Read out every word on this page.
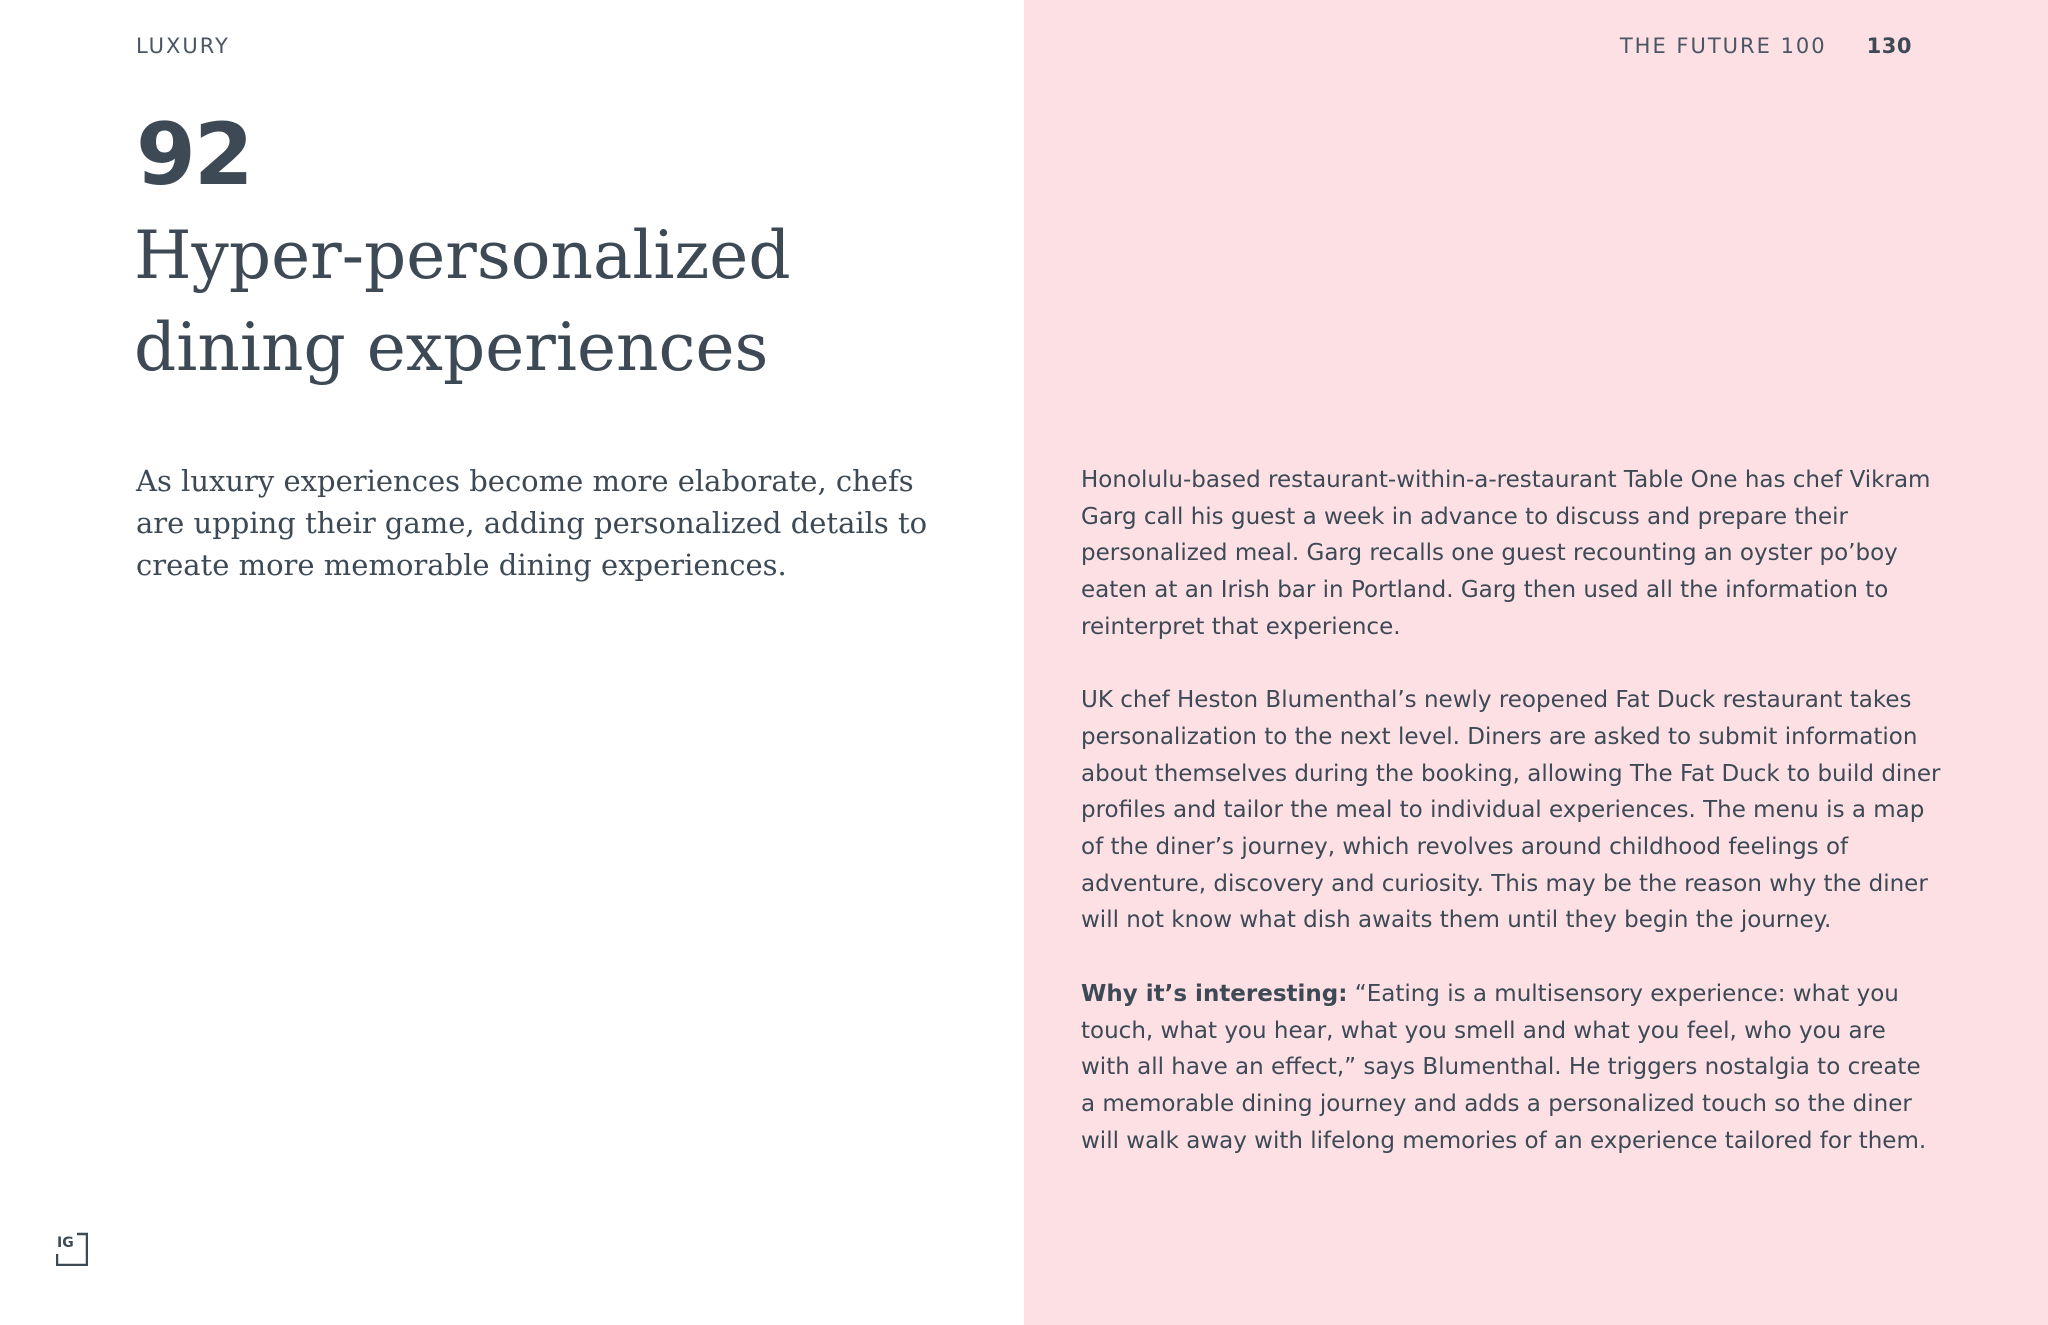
LUXURY	THE FUTURE 100 130
92
Hyper-personalized
dining experiences

As luxury experiences become more elaborate, chefs are upping their game, adding personalized details to create more memorable dining experiences.

Honolulu-based restaurant-within-a-restaurant Table One has chef Vikram Garg call his guest a week in advance to discuss and prepare their personalized meal. Garg recalls one guest recounting an oyster po’boy eaten at an Irish bar in Portland. Garg then used all the information to reinterpret that experience.

UK chef Heston Blumenthal’s newly reopened Fat Duck restaurant takes personalization to the next level. Diners are asked to submit information about themselves during the booking, allowing The Fat Duck to build diner profiles and tailor the meal to individual experiences. The menu is a map of the diner’s journey, which revolves around childhood feelings of adventure, discovery and curiosity. This may be the reason why the diner will not know what dish awaits them until they begin the journey.

Why it’s interesting: “Eating is a multisensory experience: what you touch, what you hear, what you smell and what you feel, who you are with all have an effect,” says Blumenthal. He triggers nostalgia to create a memorable dining journey and adds a personalized touch so the diner will walk away with lifelong memories of an experience tailored for them.

IG
